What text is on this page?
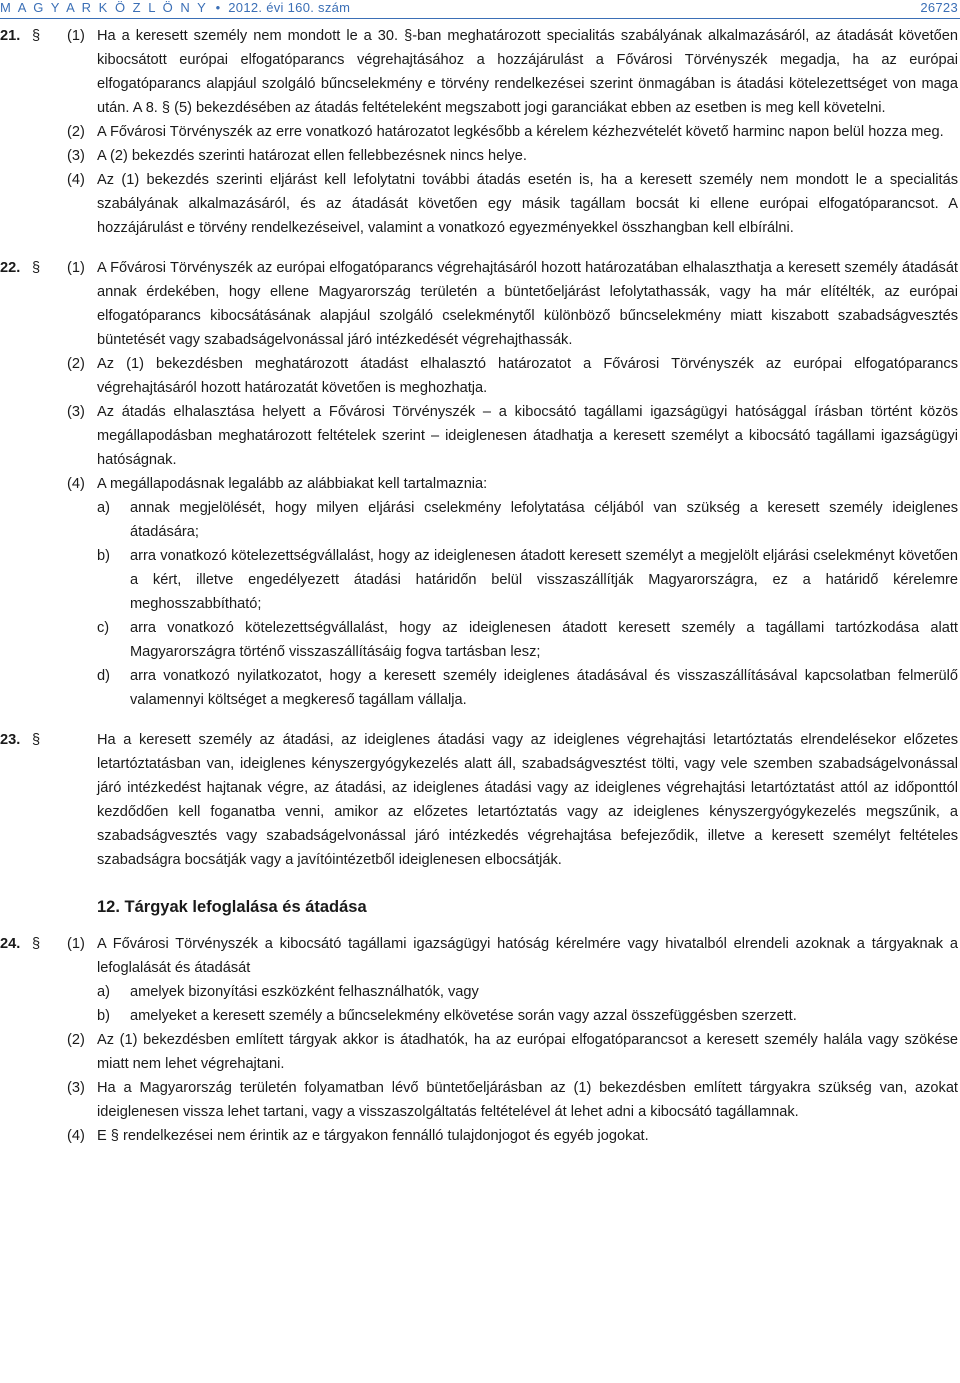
M A G Y A R K Ö Z L Ö N Y  •  2012. évi 160. szám	26723
21. § (1) Ha a keresett személy nem mondott le a 30. §-ban meghatározott specialitás szabályának alkalmazásáról, az átadását követően kibocsátott európai elfogatóparancs végrehajtásához a hozzájárulást a Fővárosi Törvényszék megadja, ha az európai elfogatóparancs alapjául szolgáló bűncselekmény e törvény rendelkezései szerint önmagában is átadási kötelezettséget von maga után. A 8. § (5) bekezdésében az átadás feltételeként megszabott jogi garanciákat ebben az esetben is meg kell követelni.
(2) A Fővárosi Törvényszék az erre vonatkozó határozatot legkésőbb a kérelem kézhezvételét követő harminc napon belül hozza meg.
(3) A (2) bekezdés szerinti határozat ellen fellebbezésnek nincs helye.
(4) Az (1) bekezdés szerinti eljárást kell lefolytatni további átadás esetén is, ha a keresett személy nem mondott le a specialitás szabályának alkalmazásáról, és az átadását követően egy másik tagállam bocsát ki ellene európai elfogatóparancsot. A hozzájárulást e törvény rendelkezéseivel, valamint a vonatkozó egyezményekkel összhangban kell elbírálni.
22. § (1) A Fővárosi Törvényszék az európai elfogatóparancs végrehajtásáról hozott határozatában elhalaszthatja a keresett személy átadását annak érdekében, hogy ellene Magyarország területén a büntetőeljárást lefolytathassák, vagy ha már elítélték, az európai elfogatóparancs kibocsátásának alapjául szolgáló cselekménytől különböző bűncselekmény miatt kiszabott szabadságvesztés büntetését vagy szabadságelvonással járó intézkedését végrehajthassák.
(2) Az (1) bekezdésben meghatározott átadást elhalasztó határozatot a Fővárosi Törvényszék az európai elfogatóparancs végrehajtásáról hozott határozatát követően is meghozhatja.
(3) Az átadás elhalasztása helyett a Fővárosi Törvényszék – a kibocsátó tagállami igazságügyi hatósággal írásban történt közös megállapodásban meghatározott feltételek szerint – ideiglenesen átadhatja a keresett személyt a kibocsátó tagállami igazságügyi hatóságnak.
(4) A megállapodásnak legalább az alábbiakat kell tartalmaznia:
a) annak megjelölését, hogy milyen eljárási cselekmény lefolytatása céljából van szükség a keresett személy ideiglenes átadására;
b) arra vonatkozó kötelezettségvállalást, hogy az ideiglenesen átadott keresett személyt a megjelölt eljárási cselekményt követően a kért, illetve engedélyezett átadási határidőn belül visszaszállítják Magyarországra, ez a határidő kérelemre meghosszabbítható;
c) arra vonatkozó kötelezettségvállalást, hogy az ideiglenesen átadott keresett személy a tagállami tartózkodása alatt Magyarországra történő visszaszállításáig fogva tartásban lesz;
d) arra vonatkozó nyilatkozatot, hogy a keresett személy ideiglenes átadásával és visszaszállításával kapcsolatban felmerülő valamennyi költséget a megkereső tagállam vállalja.
23. §	Ha a keresett személy az átadási, az ideiglenes átadási vagy az ideiglenes végrehajtási letartóztatás elrendelésekor előzetes letartóztatásban van, ideiglenes kényszergyógykezelés alatt áll, szabadságvesztést tölti, vagy vele szemben szabadságelvonással járó intézkedést hajtanak végre, az átadási, az ideiglenes átadási vagy az ideiglenes végrehajtási letartóztatást attól az időponttól kezdődően kell foganatba venni, amikor az előzetes letartóztatás vagy az ideiglenes kényszergyógykezelés megszűnik, a szabadságvesztés vagy szabadságelvonással járó intézkedés végrehajtása befejeződik, illetve a keresett személyt feltételes szabadságra bocsátják vagy a javítóintézetből ideiglenesen elbocsátják.
12. Tárgyak lefoglalása és átadása
24. § (1) A Fővárosi Törvényszék a kibocsátó tagállami igazságügyi hatóság kérelmére vagy hivatalból elrendeli azoknak a tárgyaknak a lefoglalását és átadását
a) amelyek bizonyítási eszközként felhasználhatók, vagy
b) amelyeket a keresett személy a bűncselekmény elkövetése során vagy azzal összefüggésben szerzett.
(2) Az (1) bekezdésben említett tárgyak akkor is átadhatók, ha az európai elfogatóparancsot a keresett személy halála vagy szökése miatt nem lehet végrehajtani.
(3) Ha a Magyarország területén folyamatban lévő büntetőeljárásban az (1) bekezdésben említett tárgyakra szükség van, azokat ideiglenesen vissza lehet tartani, vagy a visszaszolgáltatás feltételével át lehet adni a kibocsátó tagállamnak.
(4) E § rendelkezései nem érintik az e tárgyakon fennálló tulajdonjogot és egyéb jogokat.
